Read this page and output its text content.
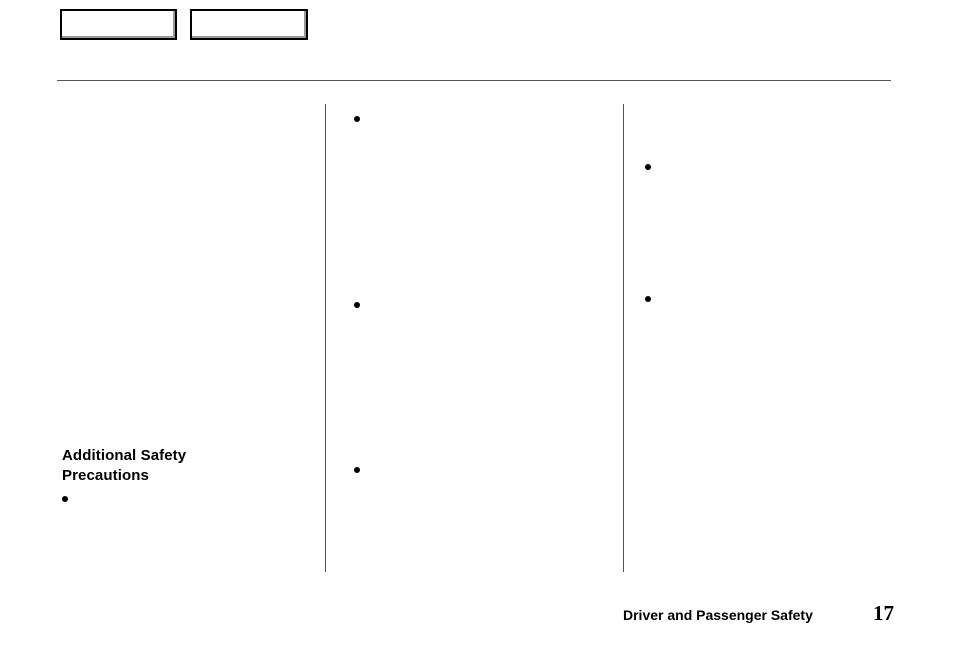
Additional Safety
Precautions
Driver and Passenger Safety	17
